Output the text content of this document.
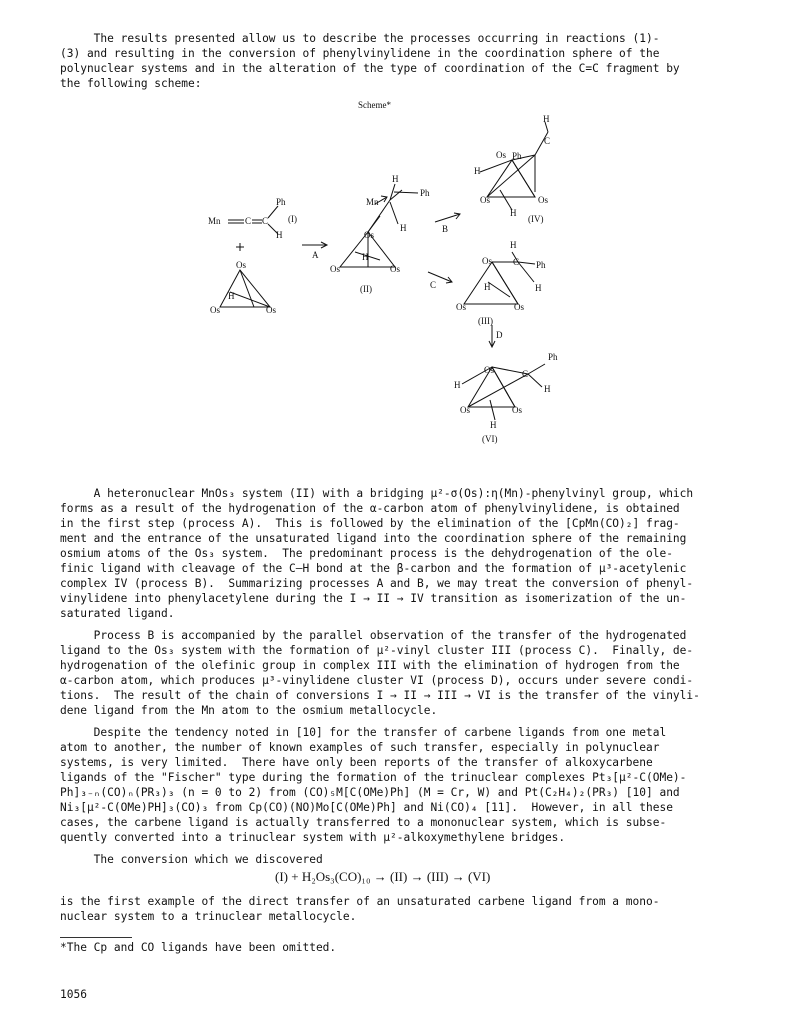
The results presented allow us to describe the processes occurring in reactions (1)-
(3) and resulting in the conversion of phenylvinylidene in the coordination sphere of the
polynuclear systems and in the alteration of the type of coordination of the C=C fragment by
the following scheme:
Scheme*
Mn	C C
Ph
H
(I)
Os
Os	Os
H
A
Mn
H
Ph
H
Os
Os	Os
H
(II)
B
C
H
C
Os Ph
H
Os	Os
H
(IV)
H
Os C Ph
H
H
Os	Os
(III)
D
Ph
H
Os	C
H
Os	Os
H
(VI)
A heteronuclear MnOs₃ system (II) with a bridging μ²-σ(Os):η(Mn)-phenylvinyl group, which
forms as a result of the hydrogenation of the α-carbon atom of phenylvinylidene, is obtained
in the first step (process A).  This is followed by the elimination of the [CpMn(CO)₂] frag-
ment and the entrance of the unsaturated ligand into the coordination sphere of the remaining
osmium atoms of the Os₃ system.  The predominant process is the dehydrogenation of the ole-
finic ligand with cleavage of the C—H bond at the β-carbon and the formation of μ³-acetylenic
complex IV (process B).  Summarizing processes A and B, we may treat the conversion of phenyl-
vinylidene into phenylacetylene during the I → II → IV transition as isomerization of the un-
saturated ligand.
Process B is accompanied by the parallel observation of the transfer of the hydrogenated
ligand to the Os₃ system with the formation of μ²-vinyl cluster III (process C).  Finally, de-
hydrogenation of the olefinic group in complex III with the elimination of hydrogen from the
α-carbon atom, which produces μ³-vinylidene cluster VI (process D), occurs under severe condi-
tions.  The result of the chain of conversions I → II → III → VI is the transfer of the vinyli-
dene ligand from the Mn atom to the osmium metallocycle.
Despite the tendency noted in [10] for the transfer of carbene ligands from one metal
atom to another, the number of known examples of such transfer, especially in polynuclear
systems, is very limited.  There have only been reports of the transfer of alkoxycarbene
ligands of the "Fischer" type during the formation of the trinuclear complexes Pt₃[μ²-C(OMe)-
Ph]₃₋ₙ(CO)ₙ(PR₃)₃ (n = 0 to 2) from (CO)₅M[C(OMe)Ph] (M = Cr, W) and Pt(C₂H₄)₂(PR₃) [10] and
Ni₃[μ²-C(OMe)PH]₃(CO)₃ from Cp(CO)(NO)Mo[C(OMe)Ph] and Ni(CO)₄ [11].  However, in all these
cases, the carbene ligand is actually transferred to a mononuclear system, which is subse-
quently converted into a trinuclear system with μ²-alkoxymethylene bridges.
The conversion which we discovered
(I) + H₂Os₃(CO)₁₀ → (II) → (III) → (VI)
is the first example of the direct transfer of an unsaturated carbene ligand from a mono-
nuclear system to a trinuclear metallocycle.
*The Cp and CO ligands have been omitted.
1056
